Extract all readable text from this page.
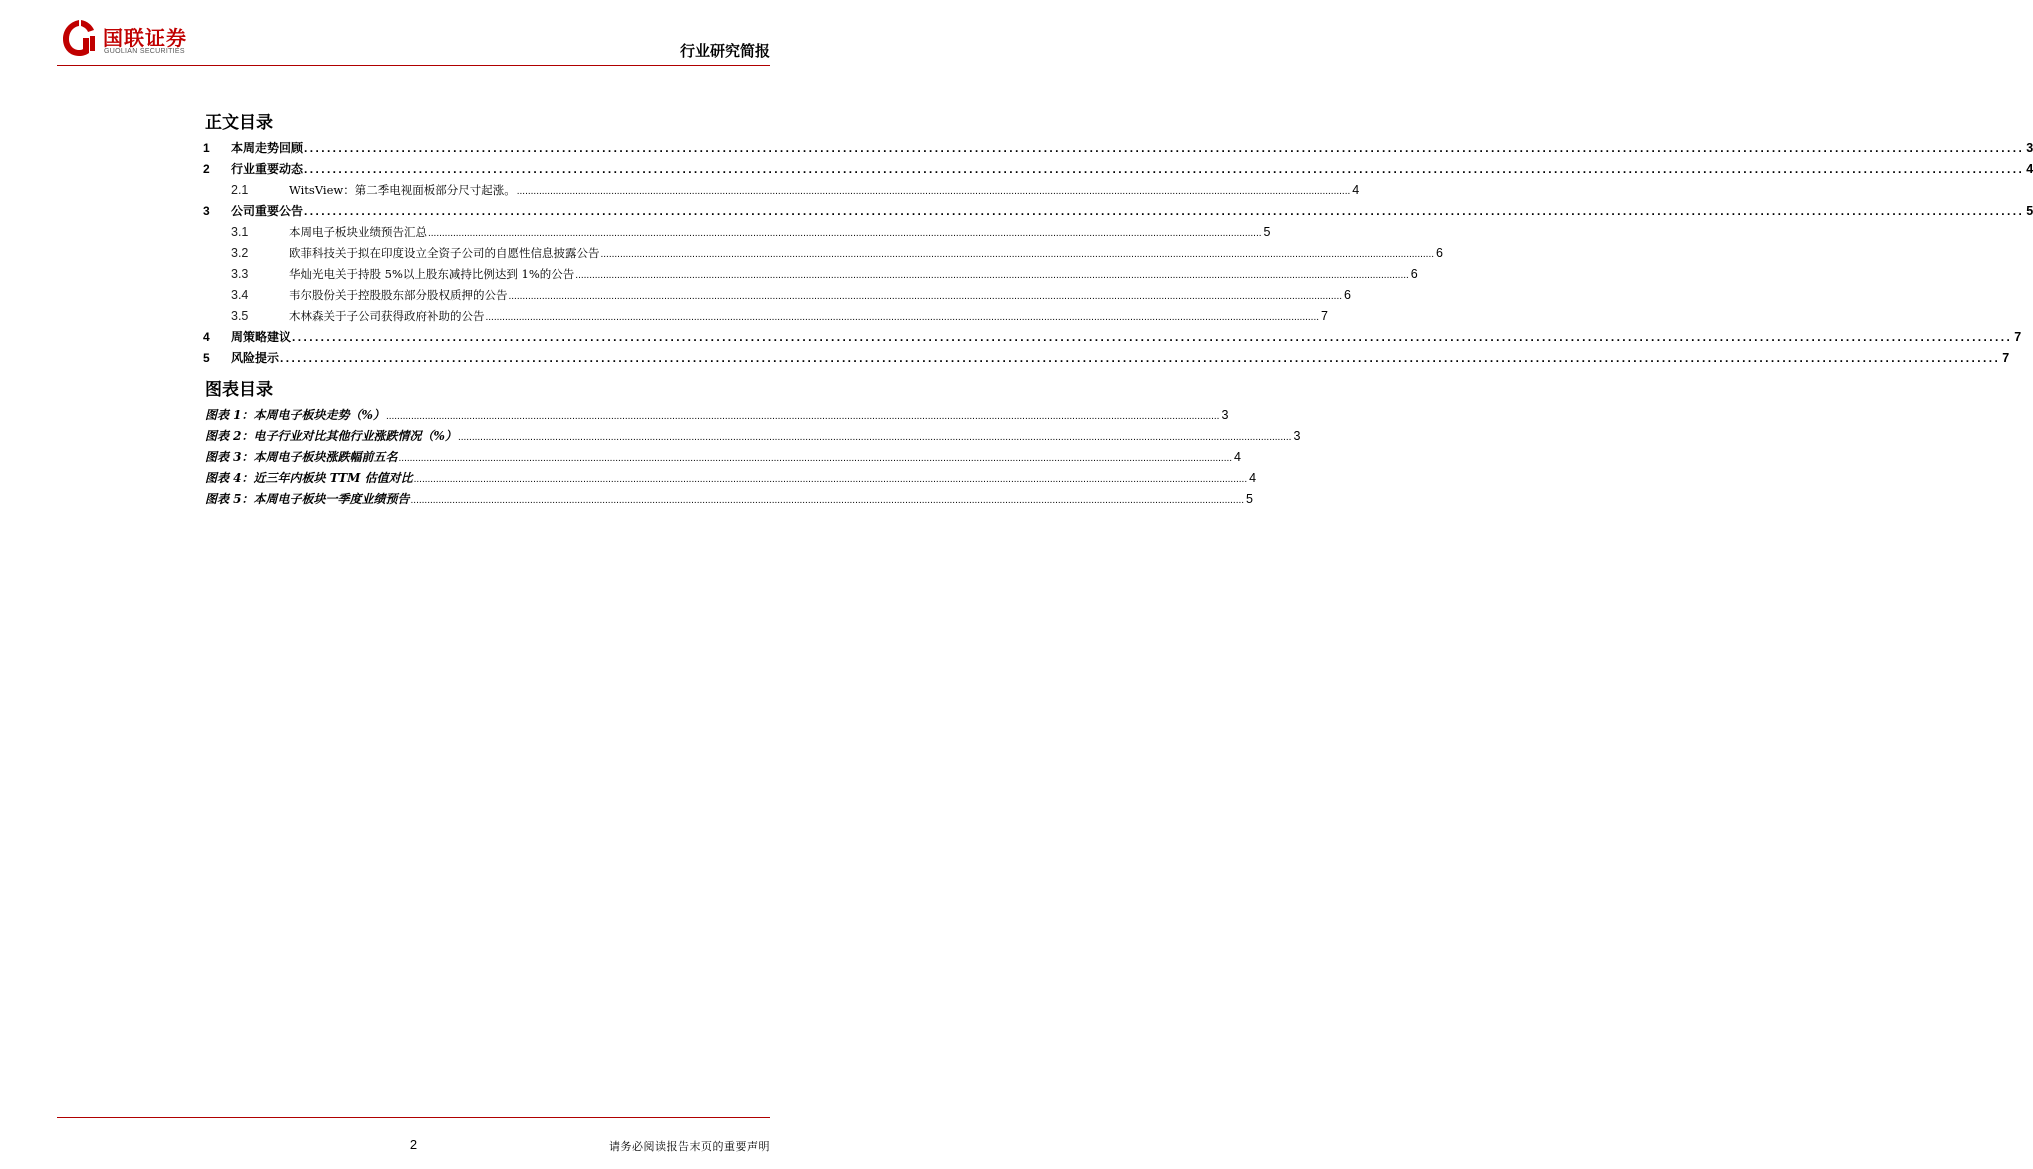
国联证券
GUOLIAN SECURITIES	行业研究简报
正文目录
1	本周走势回顾 ............................................................................................................................................................................................................................................................................................................ 3
2	行业重要动态 ............................................................................................................................................................................................................................................................................................................ 4
2.1	WitsView：第二季电视面板部分尺寸起涨。 ............................................................................................................................................................................................................................................................................................................ 4
3	公司重要公告 ............................................................................................................................................................................................................................................................................................................ 5
3.1	本周电子板块业绩预告汇总 ............................................................................................................................................................................................................................................................................................................ 5
3.2	欧菲科技关于拟在印度设立全资子公司的自愿性信息披露公告 ............................................................................................................................................................................................................................................................................................................ 6
3.3	华灿光电关于持股 5%以上股东减持比例达到 1%的公告 ............................................................................................................................................................................................................................................................................................................ 6
3.4	韦尔股份关于控股股东部分股权质押的公告 ............................................................................................................................................................................................................................................................................................................ 6
3.5	木林森关于子公司获得政府补助的公告 ............................................................................................................................................................................................................................................................................................................ 7
4	周策略建议 ............................................................................................................................................................................................................................................................................................................ 7
5	风险提示 ............................................................................................................................................................................................................................................................................................................ 7
图表目录
图表 1：本周电子板块走势（%） ............................................................................................................................................................................................................................................................................................................ 3
图表 2：电子行业对比其他行业涨跌情况（%） ............................................................................................................................................................................................................................................................................................................ 3
图表 3：本周电子板块涨跌幅前五名 ............................................................................................................................................................................................................................................................................................................ 4
图表 4：近三年内板块 TTM 估值对比 ............................................................................................................................................................................................................................................................................................................ 4
图表 5：本周电子板块一季度业绩预告 ............................................................................................................................................................................................................................................................................................................ 5
2	请务必阅读报告末页的重要声明
